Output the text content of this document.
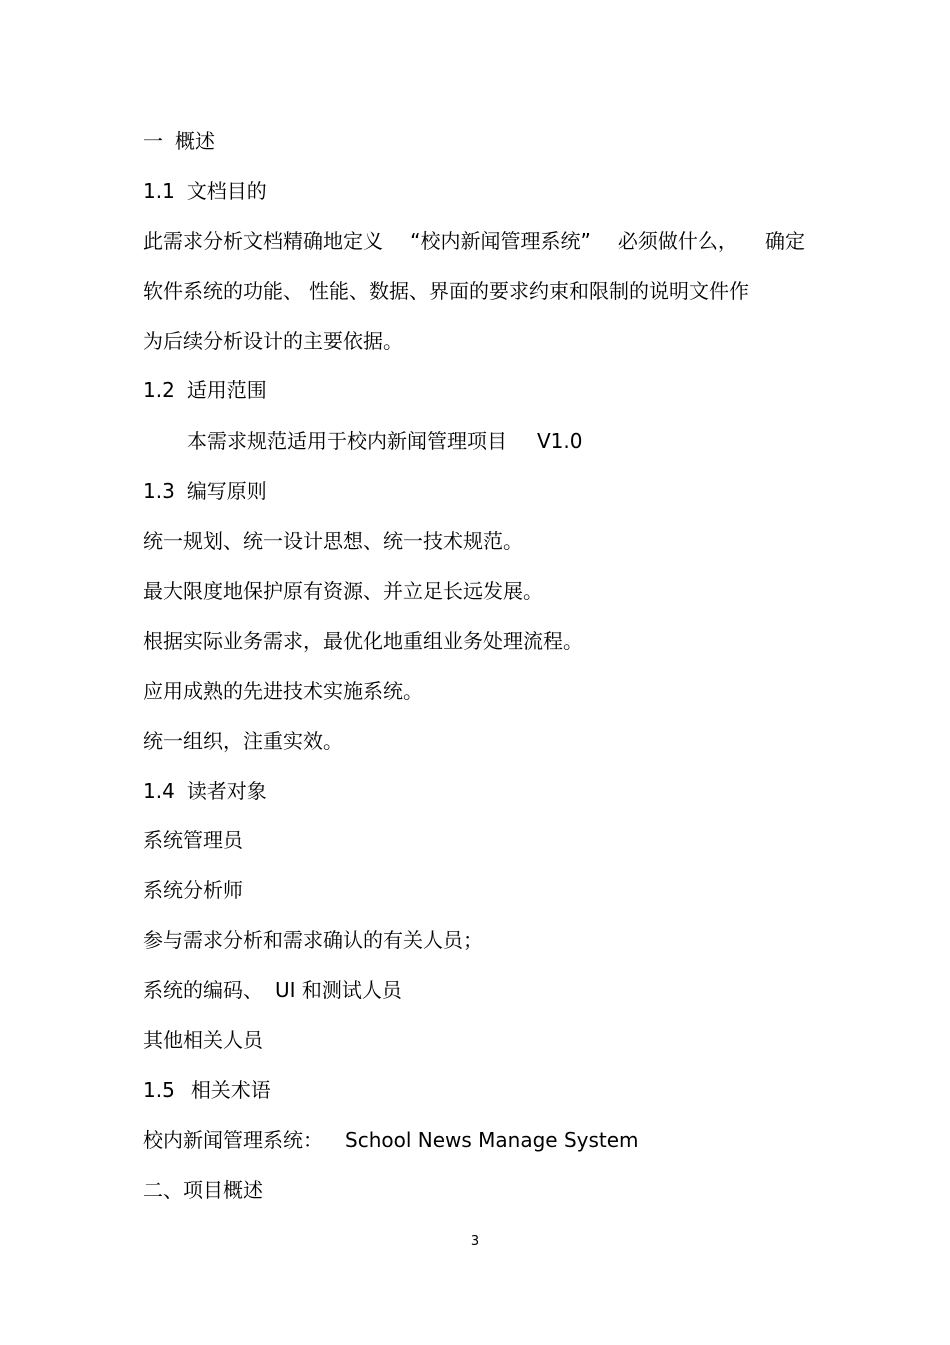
一 概述
1.1 文档目的
此需求分析文档精确地定义 “校内新闻管理系统” 必须做什么， 确定
软件系统的功能、 性能、数据、界面的要求约束和限制的说明文件作
为后续分析设计的主要依据。
1.2 适用范围
本需求规范适用于校内新闻管理项目 V1.0
1.3 编写原则
统一规划、统一设计思想、统一技术规范。
最大限度地保护原有资源、并立足长远发展。
根据实际业务需求，最优化地重组业务处理流程。
应用成熟的先进技术实施系统。
统一组织，注重实效。
1.4 读者对象
系统管理员
系统分析师
参与需求分析和需求确认的有关人员；
系统的编码、 UI 和测试人员
其他相关人员
1.5 相关术语
校内新闻管理系统： School News Manage System
二、项目概述
3
